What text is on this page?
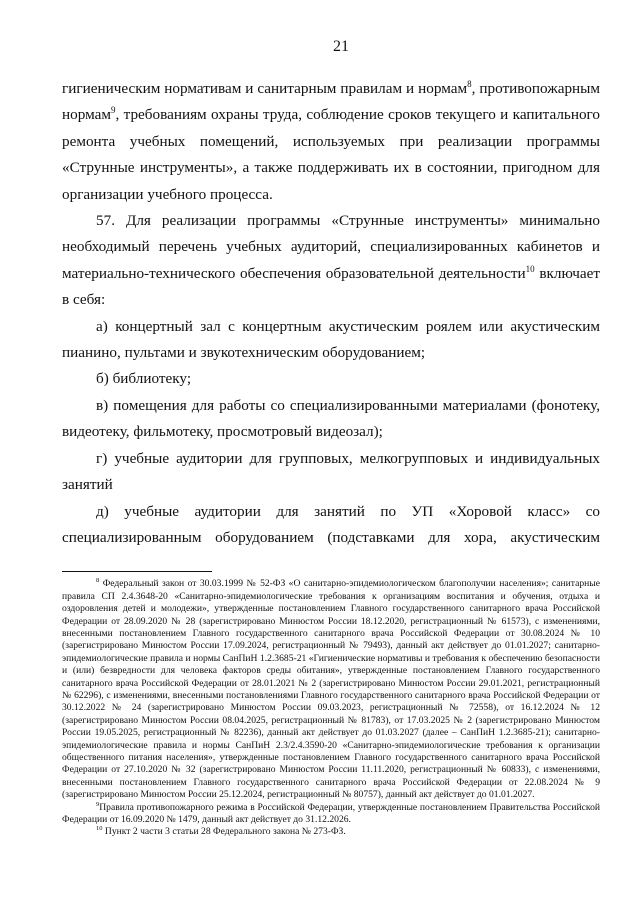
21

гигиеническим нормативам и санитарным правилам и нормам$^8$, противопожарным нормам$^9$, требованиям охраны труда, соблюдение сроков текущего и капитального ремонта учебных помещений, используемых при реализации программы «Струнные инструменты», а также поддерживать их в состоянии, пригодном для организации учебного процесса.

57. Для реализации программы «Струнные инструменты» минимально необходимый перечень учебных аудиторий, специализированных кабинетов и материально-технического обеспечения образовательной деятельности$^{10}$ включает в себя:

а) концертный зал с концертным акустическим роялем или акустическим пианино, пультами и звукотехническим оборудованием;

б) библиотеку;

в) помещения для работы со специализированными материалами (фонотеку, видеотеку, фильмотеку, просмотровый видеозал);

г) учебные аудитории для групповых, мелкогрупповых и индивидуальных занятий

д) учебные аудитории для занятий по УП «Хоровой класс» со специализированным оборудованием (подставками для хора, акустическим

$^8$ Федеральный закон от 30.03.1999 № 52-ФЗ «О санитарно-эпидемиологическом благополучии населения»; санитарные правила СП 2.4.3648-20 «Санитарно-эпидемиологические требования к организациям воспитания и обучения, отдыха и оздоровления детей и молодежи», утвержденные постановлением Главного государственного санитарного врача Российской Федерации от 28.09.2020 № 28 (зарегистрировано Минюстом России 18.12.2020, регистрационный № 61573), с изменениями, внесенными постановлением Главного государственного санитарного врача Российской Федерации от 30.08.2024 № 10 (зарегистрировано Минюстом России 17.09.2024, регистрационный № 79493), данный акт действует до 01.01.2027; санитарно-эпидемиологические правила и нормы СанПиН 1.2.3685-21 «Гигиенические нормативы и требования к обеспечению безопасности и (или) безвредности для человека факторов среды обитания», утвержденные постановлением Главного государственного санитарного врача Российской Федерации от 28.01.2021 № 2 (зарегистрировано Минюстом России 29.01.2021, регистрационный № 62296), с изменениями, внесенными постановлениями Главного государственного санитарного врача Российской Федерации от 30.12.2022 № 24 (зарегистрировано Минюстом России 09.03.2023, регистрационный № 72558), от 16.12.2024 № 12 (зарегистрировано Минюстом России 08.04.2025, регистрационный № 81783), от 17.03.2025 № 2 (зарегистрировано Минюстом России 19.05.2025, регистрационный № 82236), данный акт действует до 01.03.2027 (далее – СанПиН 1.2.3685-21); санитарно-эпидемиологические правила и нормы СанПиН 2.3/2.4.3590-20 «Санитарно-эпидемиологические требования к организации общественного питания населения», утвержденные постановлением Главного государственного санитарного врача Российской Федерации от 27.10.2020 № 32 (зарегистрировано Минюстом России 11.11.2020, регистрационный № 60833), с изменениями, внесенными постановлением Главного государственного санитарного врача Российской Федерации от 22.08.2024 № 9 (зарегистрировано Минюстом России 25.12.2024, регистрационный № 80757), данный акт действует до 01.01.2027.

$^9$Правила противопожарного режима в Российской Федерации, утвержденные постановлением Правительства Российской Федерации от 16.09.2020 № 1479, данный акт действует до 31.12.2026.

$^{10}$ Пункт 2 части 3 статьи 28 Федерального закона № 273-ФЗ.
